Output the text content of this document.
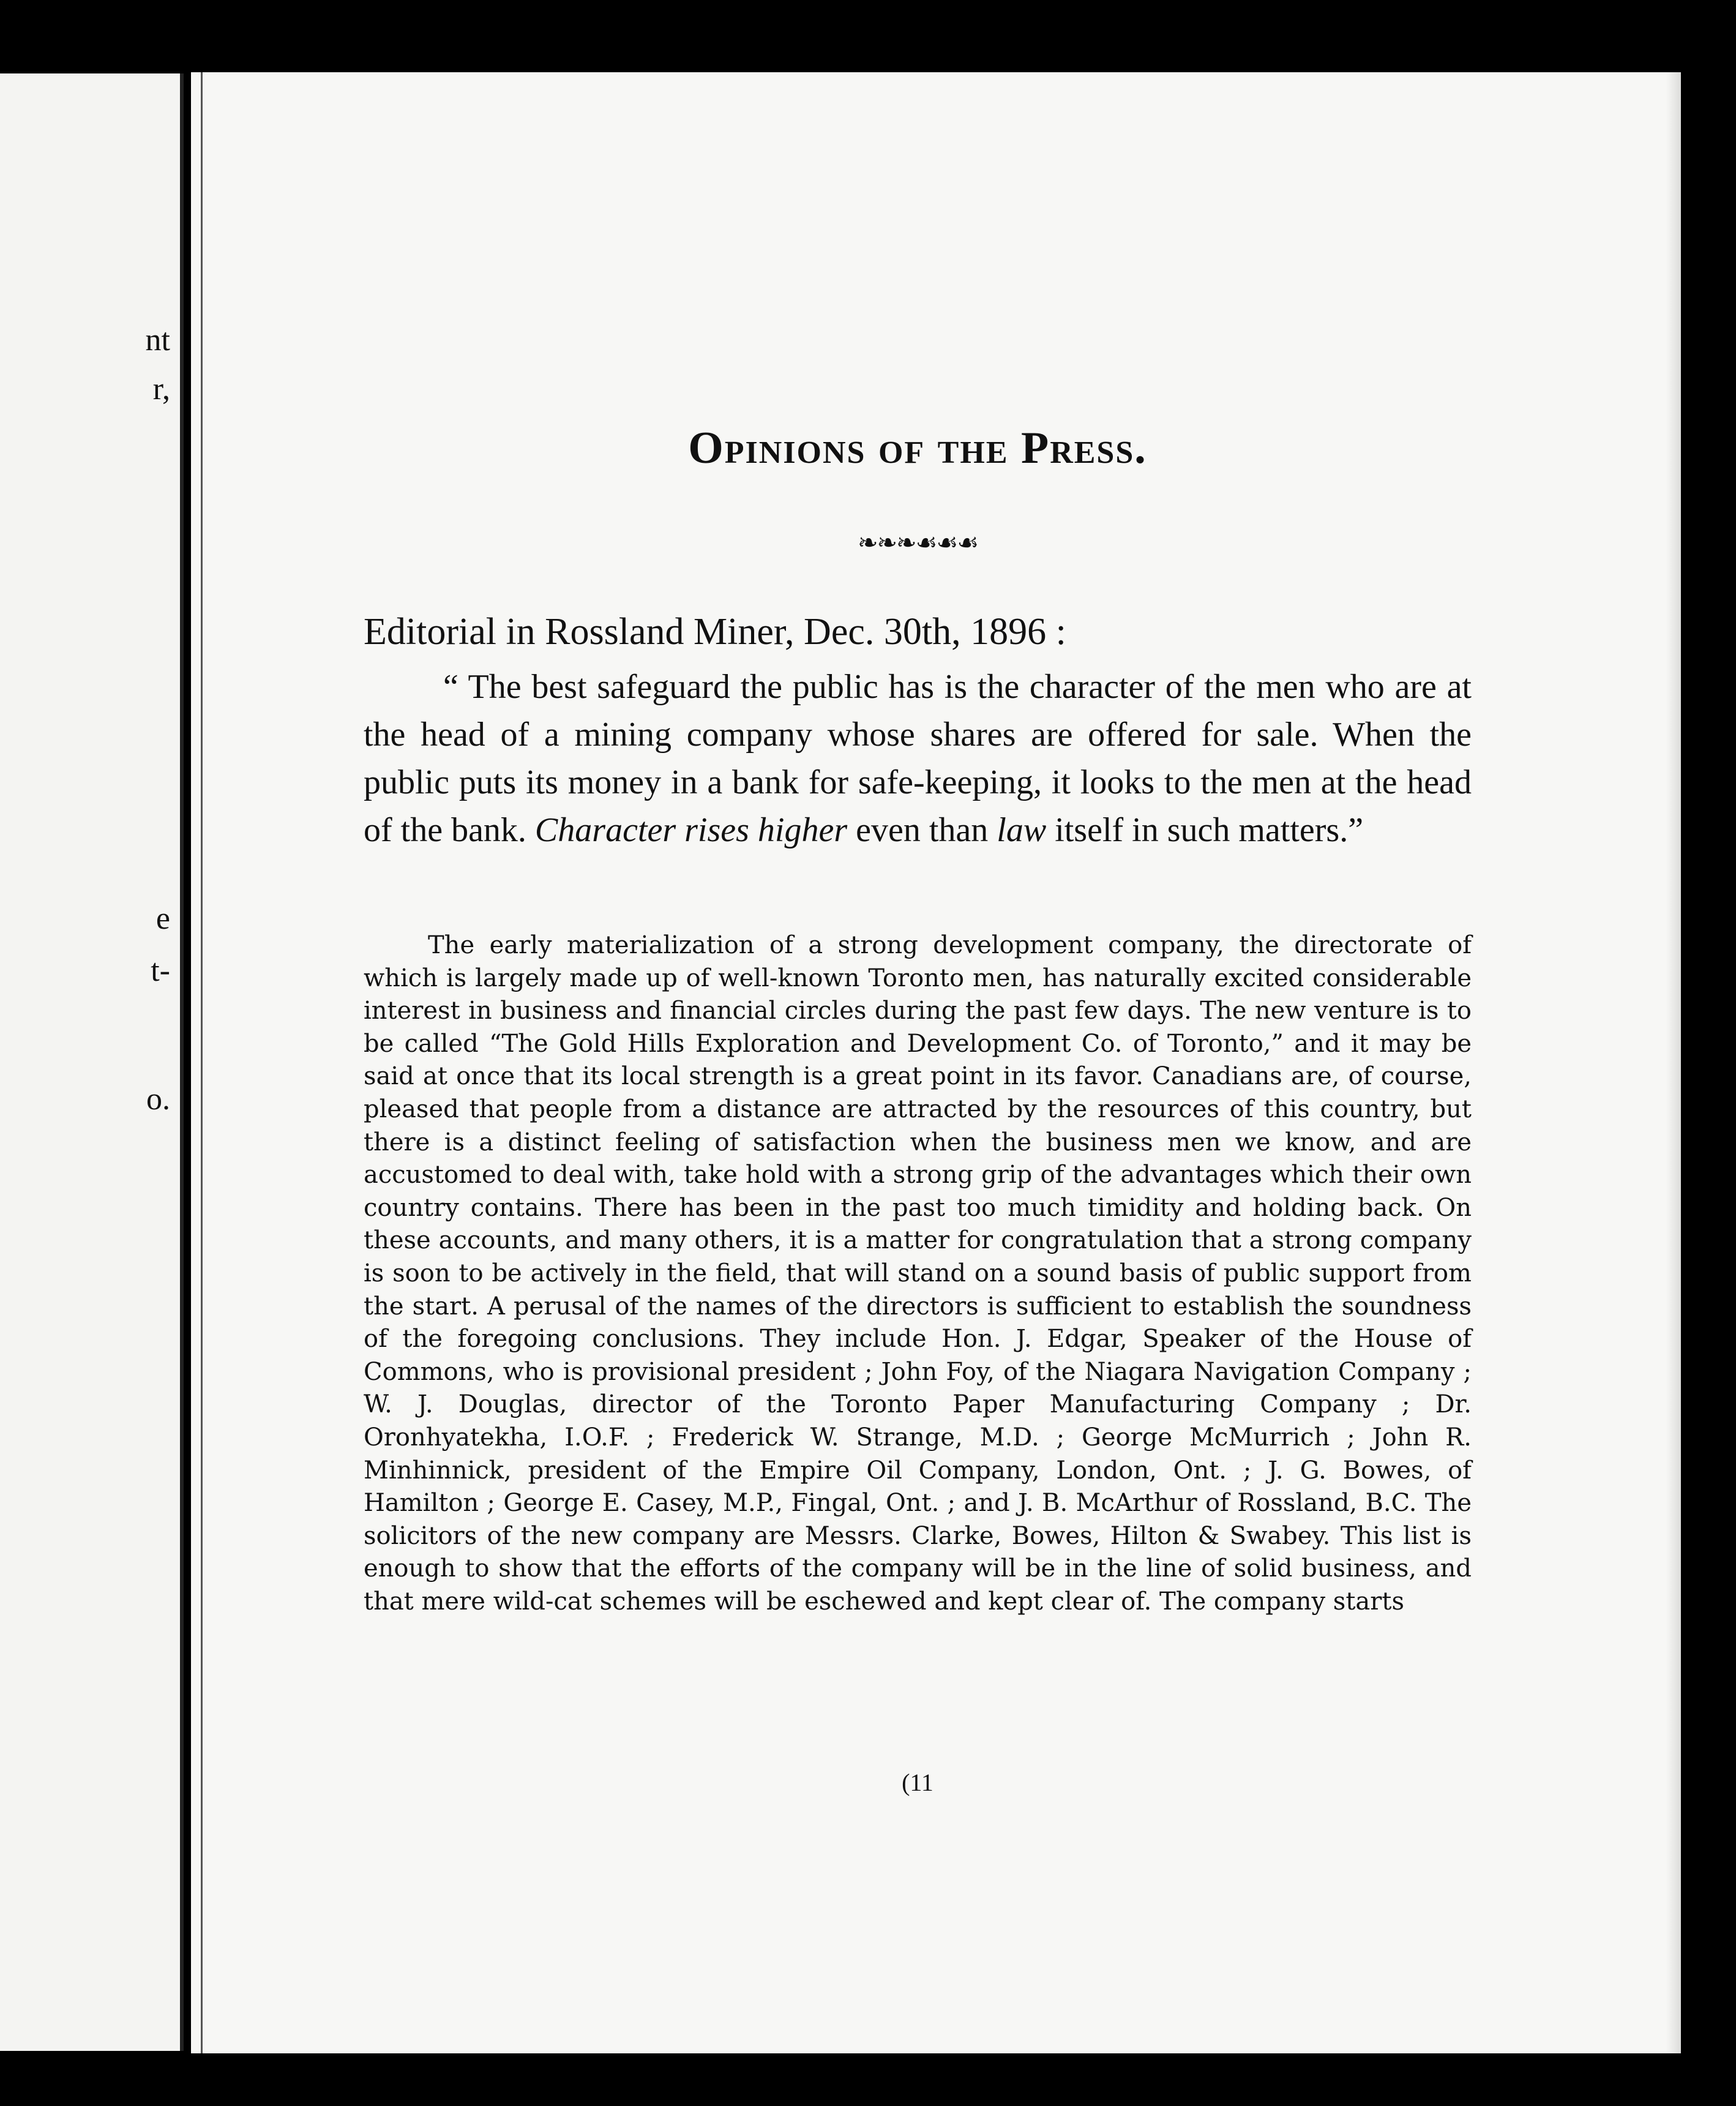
nt
r,
e
t-
o.
Opinions of the Press.
❧❧❧☙☙☙

Editorial in Rossland Miner, Dec. 30th, 1896 :

“ The best safeguard the public has is the character of the men who are at the head of a mining company whose shares are offered for sale. When the public puts its money in a bank for safe-keeping, it looks to the men at the head of the bank. Character rises higher even than law itself in such matters.”

The early materialization of a strong development company, the directorate of which is largely made up of well-known Toronto men, has naturally excited considerable interest in business and financial circles during the past few days. The new venture is to be called “The Gold Hills Exploration and Development Co. of Toronto,” and it may be said at once that its local strength is a great point in its favor. Canadians are, of course, pleased that people from a distance are attracted by the resources of this country, but there is a distinct feeling of satisfaction when the business men we know, and are accustomed to deal with, take hold with a strong grip of the advantages which their own country contains. There has been in the past too much timidity and holding back. On these accounts, and many others, it is a matter for congratulation that a strong company is soon to be actively in the field, that will stand on a sound basis of public support from the start. A perusal of the names of the directors is sufficient to establish the soundness of the foregoing conclusions. They include Hon. J. Edgar, Speaker of the House of Commons, who is provisional president ; John Foy, of the Niagara Navigation Company ; W. J. Douglas, director of the Toronto Paper Manufacturing Company ; Dr. Oronhyatekha, I.O.F. ; Frederick W. Strange, M.D. ; George McMurrich ; John R. Minhinnick, president of the Empire Oil Company, London, Ont. ; J. G. Bowes, of Hamilton ; George E. Casey, M.P., Fingal, Ont. ; and J. B. McArthur of Rossland, B.C. The solicitors of the new company are Messrs. Clarke, Bowes, Hilton & Swabey. This list is enough to show that the efforts of the company will be in the line of solid business, and that mere wild-cat schemes will be eschewed and kept clear of. The company starts

(11
